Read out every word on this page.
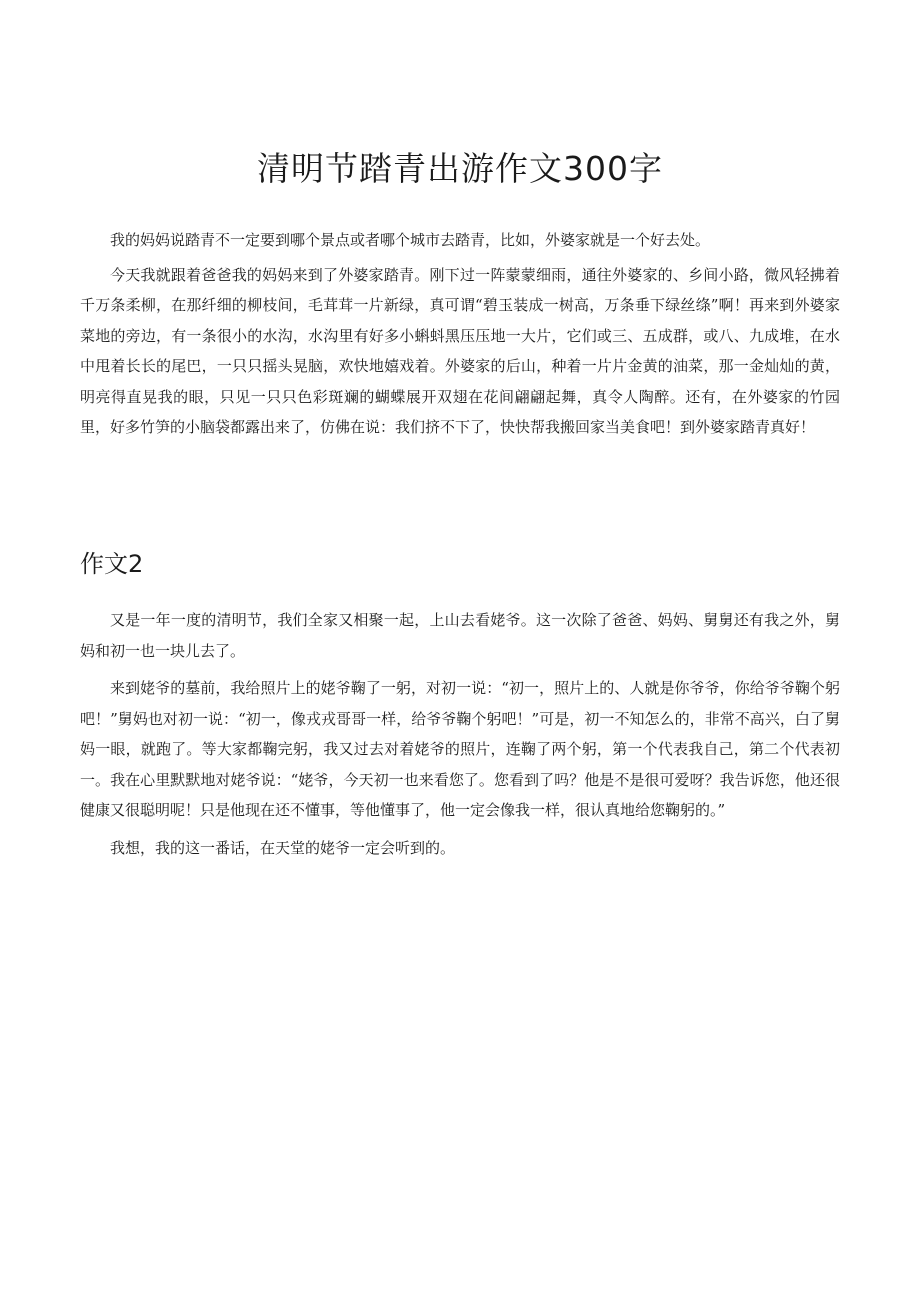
清明节踏青出游作文300字

我的妈妈说踏青不一定要到哪个景点或者哪个城市去踏青，比如，外婆家就是一个好去处。

今天我就跟着爸爸我的妈妈来到了外婆家踏青。刚下过一阵蒙蒙细雨，通往外婆家的、乡间小路，微风轻拂着千万条柔柳，在那纤细的柳枝间，毛茸茸一片新绿，真可谓“碧玉装成一树高，万条垂下绿丝绦”啊！再来到外婆家菜地的旁边，有一条很小的水沟，水沟里有好多小蝌蚪黑压压地一大片，它们或三、五成群，或八、九成堆，在水中甩着长长的尾巴，一只只摇头晃脑，欢快地嬉戏着。外婆家的后山，种着一片片金黄的油菜，那一金灿灿的黄，明亮得直晃我的眼，只见一只只色彩斑斓的蝴蝶展开双翅在花间翩翩起舞，真令人陶醉。还有，在外婆家的竹园里，好多竹笋的小脑袋都露出来了，仿佛在说：我们挤不下了，快快帮我搬回家当美食吧！到外婆家踏青真好！

作文2

又是一年一度的清明节，我们全家又相聚一起，上山去看姥爷。这一次除了爸爸、妈妈、舅舅还有我之外，舅妈和初一也一块儿去了。

来到姥爷的墓前，我给照片上的姥爷鞠了一躬，对初一说：“初一，照片上的、人就是你爷爷，你给爷爷鞠个躬吧！”舅妈也对初一说：“初一，像戎戎哥哥一样，给爷爷鞠个躬吧！”可是，初一不知怎么的，非常不高兴，白了舅妈一眼，就跑了。等大家都鞠完躬，我又过去对着姥爷的照片，连鞠了两个躬，第一个代表我自己，第二个代表初一。我在心里默默地对姥爷说：“姥爷，今天初一也来看您了。您看到了吗？他是不是很可爱呀？我告诉您，他还很健康又很聪明呢！只是他现在还不懂事，等他懂事了，他一定会像我一样，很认真地给您鞠躬的。”

我想，我的这一番话，在天堂的姥爷一定会听到的。
